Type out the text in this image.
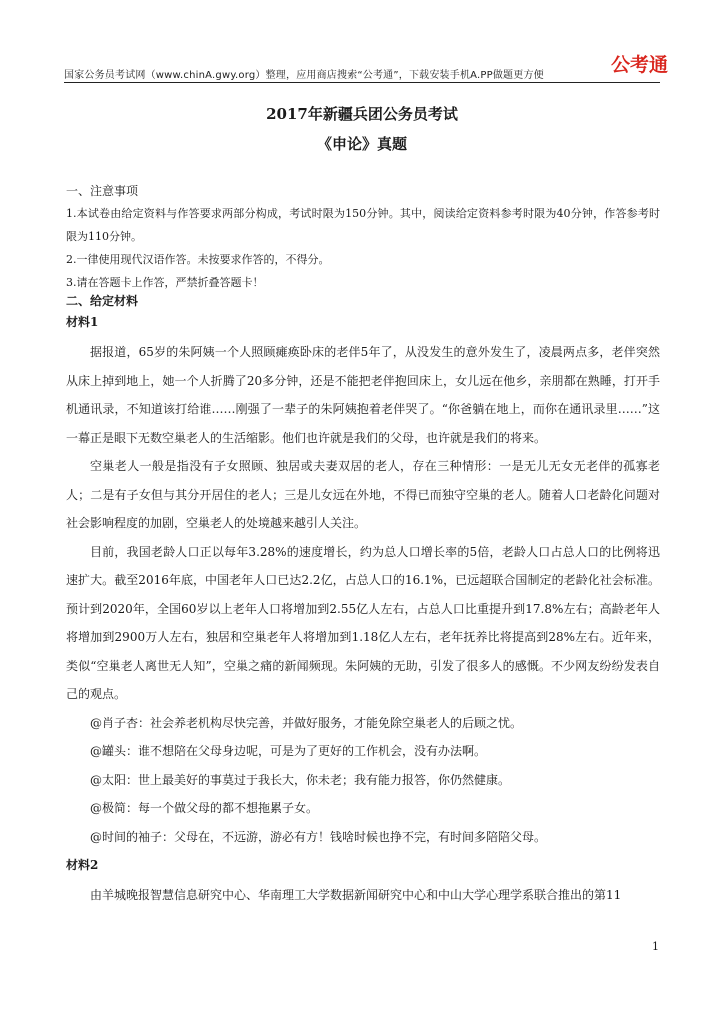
国家公务员考试网（www.chinA.gwy.org）整理，应用商店搜索“公考通”，下载安装手机A.PP做题更方便	公考通
2017年新疆兵团公务员考试
《申论》真题

一、注意事项

1.本试卷由给定资料与作答要求两部分构成，考试时限为150分钟。其中，阅读给定资料参考时限为40分钟，作答参考时限为110分钟。

2.一律使用现代汉语作答。未按要求作答的，不得分。

3.请在答题卡上作答，严禁折叠答题卡！

二、给定材料

材料1

据报道，65岁的朱阿姨一个人照顾瘫痪卧床的老伴5年了，从没发生的意外发生了，凌晨两点多，老伴突然从床上掉到地上，她一个人折腾了20多分钟，还是不能把老伴抱回床上，女儿远在他乡，亲朋都在熟睡，打开手机通讯录，不知道该打给谁……刚强了一辈子的朱阿姨抱着老伴哭了。“你爸躺在地上，而你在通讯录里……”这一幕正是眼下无数空巢老人的生活缩影。他们也许就是我们的父母，也许就是我们的将来。

空巢老人一般是指没有子女照顾、独居或夫妻双居的老人，存在三种情形：一是无儿无女无老伴的孤寡老人；二是有子女但与其分开居住的老人；三是儿女远在外地，不得已而独守空巢的老人。随着人口老龄化问题对社会影响程度的加剧，空巢老人的处境越来越引人关注。

目前，我国老龄人口正以每年3.28%的速度增长，约为总人口增长率的5倍，老龄人口占总人口的比例将迅速扩大。截至2016年底，中国老年人口已达2.2亿，占总人口的16.1%，已远超联合国制定的老龄化社会标准。预计到2020年，全国60岁以上老年人口将增加到2.55亿人左右，占总人口比重提升到17.8%左右；高龄老年人将增加到2900万人左右，独居和空巢老年人将增加到1.18亿人左右，老年抚养比将提高到28%左右。近年来，类似“空巢老人离世无人知”，空巢之痛的新闻频现。朱阿姨的无助，引发了很多人的感慨。不少网友纷纷发表自己的观点。

@肖子杏：社会养老机构尽快完善，并做好服务，才能免除空巢老人的后顾之忧。

@罐头：谁不想陪在父母身边呢，可是为了更好的工作机会，没有办法啊。

@太阳：世上最美好的事莫过于我长大，你未老；我有能力报答，你仍然健康。

@极简：每一个做父母的都不想拖累子女。

@时间的袖子：父母在，不远游，游必有方！钱啥时候也挣不完，有时间多陪陪父母。

材料2

由羊城晚报智慧信息研究中心、华南理工大学数据新闻研究中心和中山大学心理学系联合推出的第11

1
